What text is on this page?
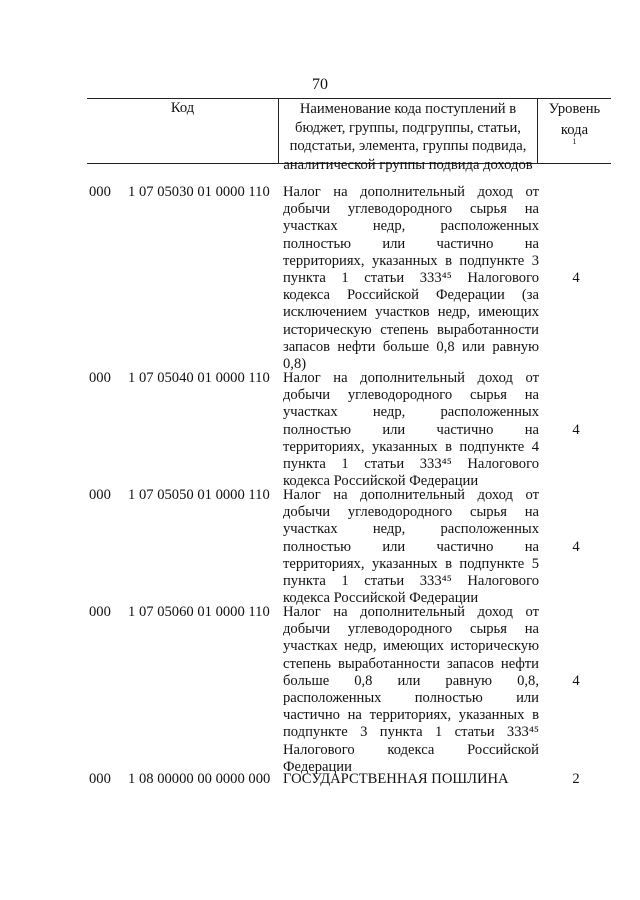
70
Код	Наименование кода поступлений в
бюджет, группы, подгруппы, статьи,
подстатьи, элемента, группы подвида,
аналитической группы подвида доходов
Уровень
кода
$^1$
000	1 07 05030 01 0000 110 Налог на дополнительный доход от
добычи углеводородного сырья на
участках недр, расположенных
полностью или частично на
территориях, указанных в подпункте 3
пункта 1 статьи 333⁴⁵ Налогового
кодекса Российской Федерации (за
исключением участков недр, имеющих
историческую степень выработанности
запасов нефти больше 0,8 или равную
0,8)
4
000	1 07 05040 01 0000 110 Налог на дополнительный доход от
добычи углеводородного сырья на
участках недр, расположенных
полностью или частично на
территориях, указанных в подпункте 4
пункта 1 статьи 333⁴⁵ Налогового
кодекса Российской Федерации
4
000	1 07 05050 01 0000 110 Налог на дополнительный доход от
добычи углеводородного сырья на
участках недр, расположенных
полностью или частично на
территориях, указанных в подпункте 5
пункта 1 статьи 333⁴⁵ Налогового
кодекса Российской Федерации
4
000	1 07 05060 01 0000 110 Налог на дополнительный доход от
добычи углеводородного сырья на
участках недр, имеющих историческую
степень выработанности запасов нефти
больше 0,8 или равную 0,8,
расположенных полностью или
частично на территориях, указанных в
подпункте 3 пункта 1 статьи 333⁴⁵
Налогового кодекса Российской
Федерации
4
000	1 08 00000 00 0000 000 ГОСУДАРСТВЕННАЯ ПОШЛИНА	2
